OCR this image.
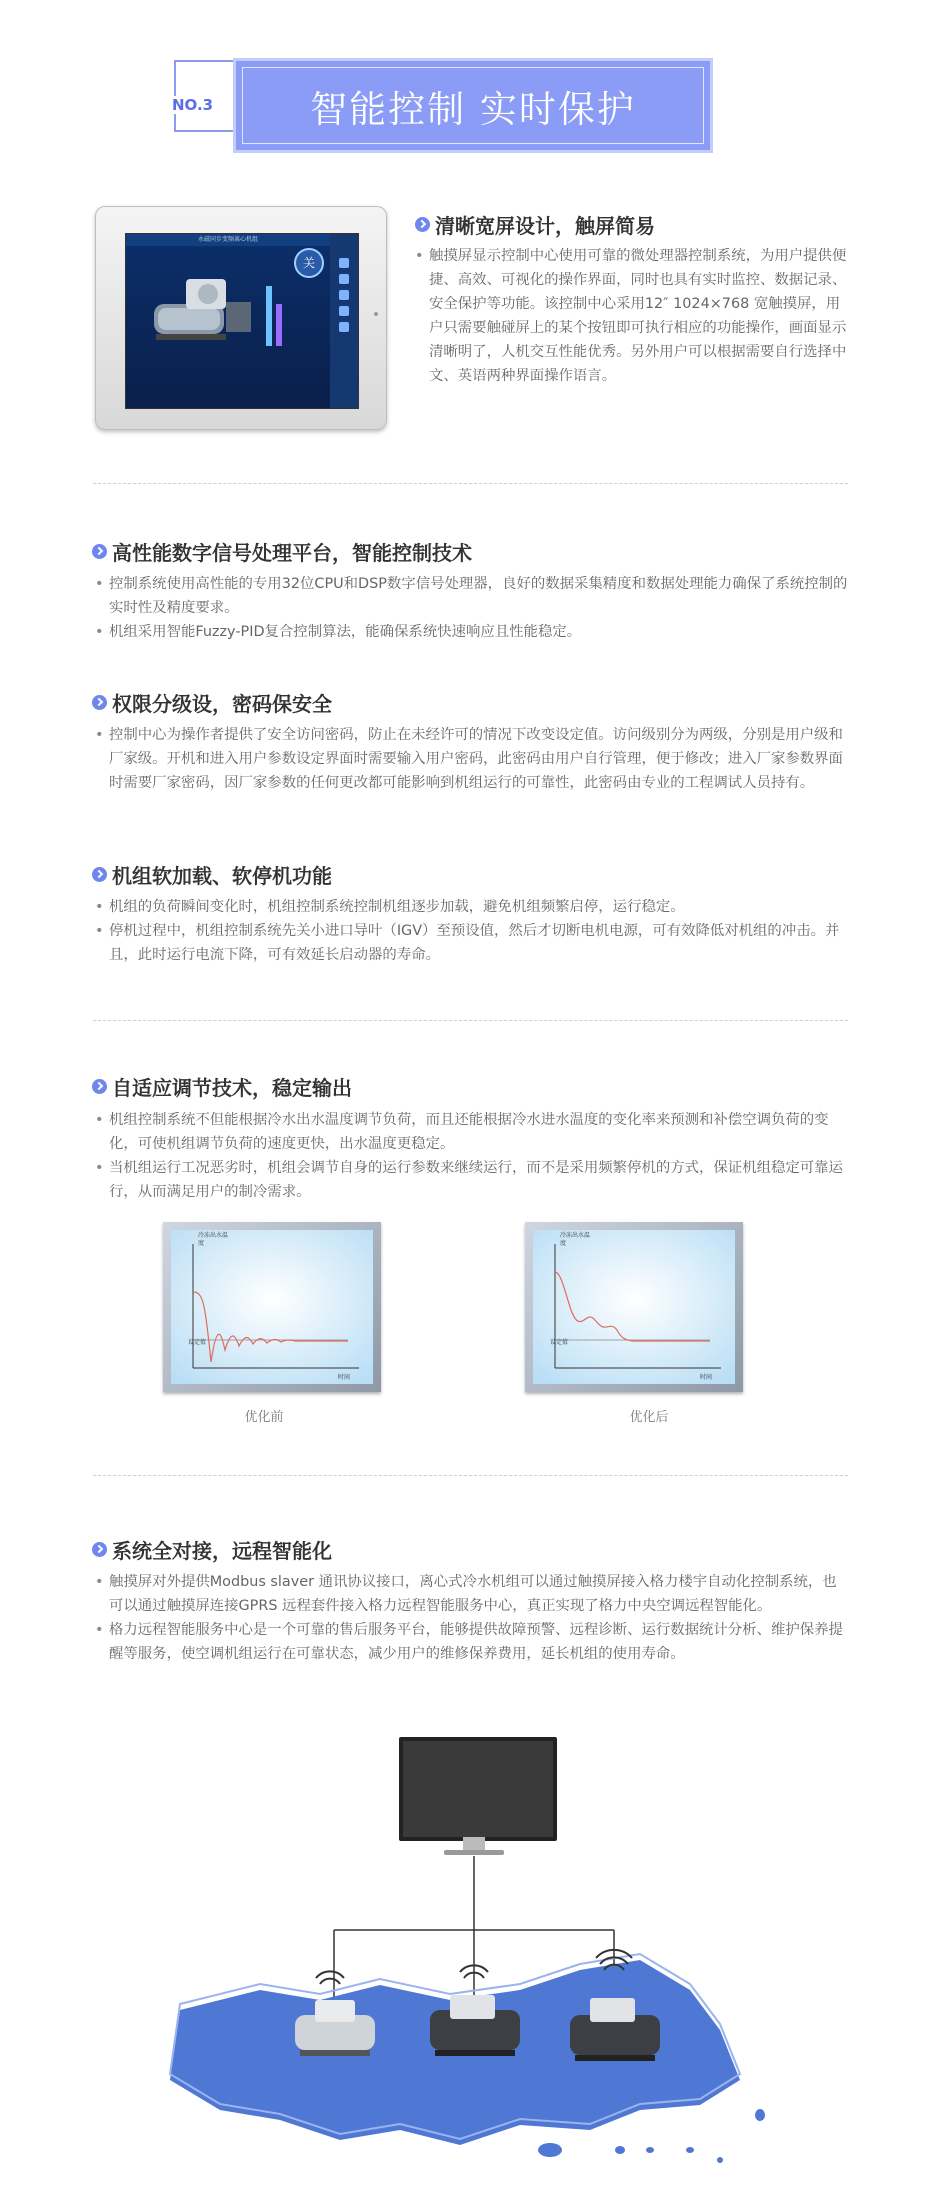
NO.3	智能控制 实时保护
永磁同步变频离心机组
关
清晰宽屏设计，触屏简易
• 触摸屏显示控制中心使用可靠的微处理器控制系统，为用户提供便捷、高效、可视化的操作界面，同时也具有实时监控、数据记录、安全保护等功能。该控制中心采用12″ 1024×768 宽触摸屏，用户只需要触碰屏上的某个按钮即可执行相应的功能操作，画面显示清晰明了，人机交互性能优秀。另外用户可以根据需要自行选择中文、英语两种界面操作语言。
高性能数字信号处理平台，智能控制技术
• 控制系统使用高性能的专用32位CPU和DSP数字信号处理器，良好的数据采集精度和数据处理能力确保了系统控制的实时性及精度要求。
• 机组采用智能Fuzzy-PID复合控制算法，能确保系统快速响应且性能稳定。
权限分级设，密码保安全
• 控制中心为操作者提供了安全访问密码，防止在未经许可的情况下改变设定值。访问级别分为两级，分别是用户级和厂家级。开机和进入用户参数设定界面时需要输入用户密码，此密码由用户自行管理，便于修改；进入厂家参数界面时需要厂家密码，因厂家参数的任何更改都可能影响到机组运行的可靠性，此密码由专业的工程调试人员持有。
机组软加载、软停机功能
• 机组的负荷瞬间变化时，机组控制系统控制机组逐步加载，避免机组频繁启停，运行稳定。
• 停机过程中，机组控制系统先关小进口导叶（IGV）至预设值，然后才切断电机电源，可有效降低对机组的冲击。并且，此时运行电流下降，可有效延长启动器的寿命。
自适应调节技术，稳定输出
• 机组控制系统不但能根据冷水出水温度调节负荷，而且还能根据冷水进水温度的变化率来预测和补偿空调负荷的变化，可使机组调节负荷的速度更快，出水温度更稳定。
• 当机组运行工况恶劣时，机组会调节自身的运行参数来继续运行，而不是采用频繁停机的方式，保证机组稳定可靠运行，从而满足用户的制冷需求。
冷冻出水温度
设定值
时间
优化前
冷冻出水温度
设定值
时间
优化后
系统全对接，远程智能化
• 触摸屏对外提供Modbus slaver 通讯协议接口，离心式冷水机组可以通过触摸屏接入格力楼宇自动化控制系统，也可以通过触摸屏连接GPRS 远程套件接入格力远程智能服务中心，真正实现了格力中央空调远程智能化。
• 格力远程智能服务中心是一个可靠的售后服务平台，能够提供故障预警、远程诊断、运行数据统计分析、维护保养提醒等服务，使空调机组运行在可靠状态，减少用户的维修保养费用，延长机组的使用寿命。
